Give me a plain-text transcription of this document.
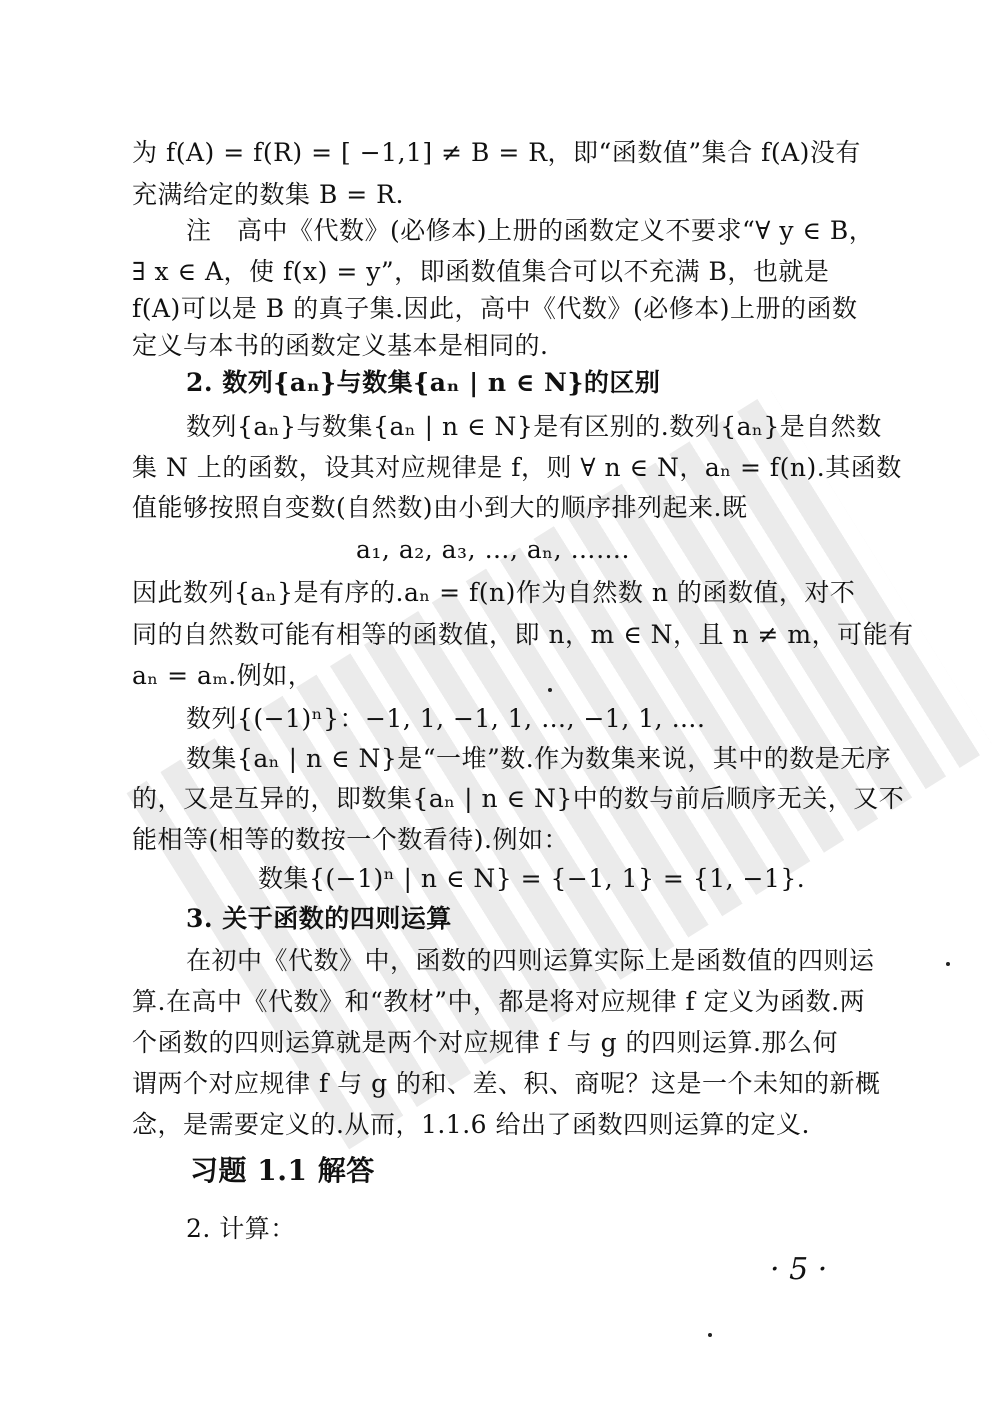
为 f(A) = f(R) = [ −1,1] ≠ B = R，即“函数值”集合 f(A)没有
充满给定的数集 B = R.
注　高中《代数》(必修本)上册的函数定义不要求“∀ y ∈ B，
∃ x ∈ A，使 f(x) = y”，即函数值集合可以不充满 B，也就是
f(A)可以是 B 的真子集.因此，高中《代数》(必修本)上册的函数
定义与本书的函数定义基本是相同的.
2. 数列{aₙ}与数集{aₙ | n ∈ N}的区别
数列{aₙ}与数集{aₙ | n ∈ N}是有区别的.数列{aₙ}是自然数
集 N 上的函数，设其对应规律是 f，则 ∀ n ∈ N，aₙ = f(n).其函数
值能够按照自变数(自然数)由小到大的顺序排列起来.既
a₁, a₂, a₃, …, aₙ, …….
因此数列{aₙ}是有序的.aₙ = f(n)作为自然数 n 的函数值，对不
同的自然数可能有相等的函数值，即 n，m ∈ N，且 n ≠ m，可能有
aₙ = aₘ.例如，
数列{(−1)ⁿ}：−1, 1, −1, 1, …, −1, 1, ….
数集{aₙ | n ∈ N}是“一堆”数.作为数集来说，其中的数是无序
的，又是互异的，即数集{aₙ | n ∈ N}中的数与前后顺序无关，又不
能相等(相等的数按一个数看待).例如：
数集{(−1)ⁿ | n ∈ N} = {−1, 1} = {1, −1}.
3. 关于函数的四则运算
在初中《代数》中，函数的四则运算实际上是函数值的四则运
算.在高中《代数》和“教材”中，都是将对应规律 f 定义为函数.两
个函数的四则运算就是两个对应规律 f 与 g 的四则运算.那么何
谓两个对应规律 f 与 g 的和、差、积、商呢？这是一个未知的新概
念，是需要定义的.从而，1.1.6 给出了函数四则运算的定义.
习题 1.1 解答
2. 计算：
· 5 ·
